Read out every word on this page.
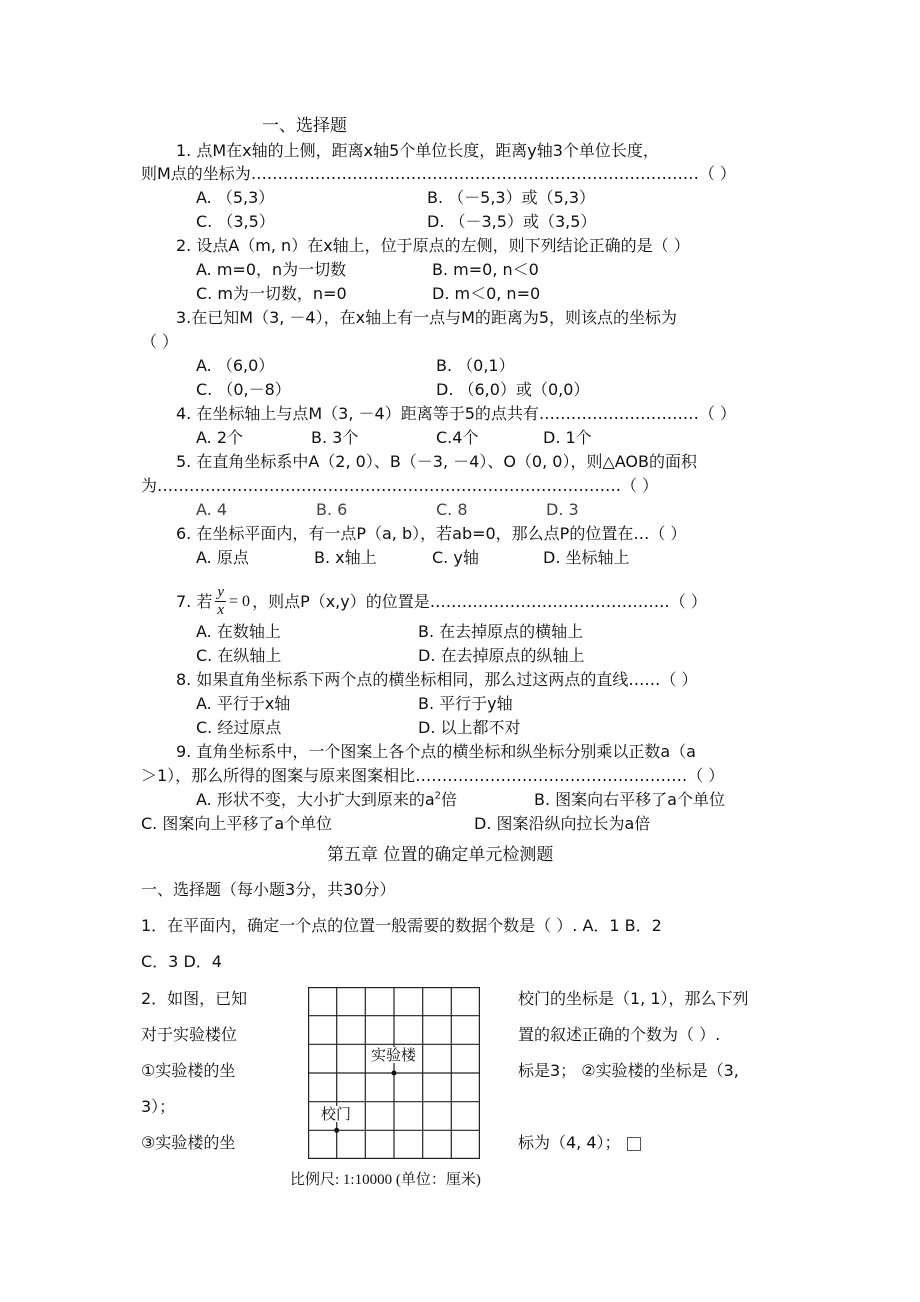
一、选择题
1. 点M在x轴的上侧，距离x轴5个单位长度，距离y轴3个单位长度，
则M点的坐标为…………………………………………………………………………（ ）
A. （5,3）	B. （－5,3）或（5,3）
C. （3,5）	D. （－3,5）或（3,5）
2. 设点A（m, n）在x轴上，位于原点的左侧，则下列结论正确的是（ ）
A. m=0，n为一切数	B. m=0, n＜0
C. m为一切数，n=0	D. m＜0, n=0
3.在已知M（3, －4），在x轴上有一点与M的距离为5，则该点的坐标为
（ ）
A. （6,0）	B. （0,1）
C. （0,－8）	D. （6,0）或（0,0）
4. 在坐标轴上与点M（3, －4）距离等于5的点共有…………………………（ ）
A. 2个	B. 3个	C.4个	D. 1个
5. 在直角坐标系中A（2, 0）、B（－3, －4）、O（0, 0），则△AOB的面积
为……………………………………………………………………………（ ）
A. 4	B. 6	C. 8	D. 3
6. 在坐标平面内，有一点P（a, b），若ab=0，那么点P的位置在…（ ）
A. 原点	B. x轴上	C. y轴	D. 坐标轴上
7. 若 $\frac{y}{x} = 0$ ，则点P（x,y）的位置是 ……………………………………… （ ）
A. 在数轴上	B. 在去掉原点的横轴上
C. 在纵轴上	D. 在去掉原点的纵轴上
8. 如果直角坐标系下两个点的横坐标相同，那么过这两点的直线……（ ）
A. 平行于x轴	B. 平行于y轴
C. 经过原点	D. 以上都不对
9. 直角坐标系中，一个图案上各个点的横坐标和纵坐标分别乘以正数a（a
＞1），那么所得的图案与原来图案相比……………………………………………（ ）
A. 形状不变，大小扩大到原来的$a^2$倍	B. 图案向右平移了a个单位
C. 图案向上平移了a个单位	D. 图案沿纵向拉长为a倍
第五章 位置的确定单元检测题
一、选择题（每小题3分，共30分）
1．在平面内，确定一个点的位置一般需要的数据个数是（ ）. A．1 B．2
C．3 D．4
2．如图，已知	校门的坐标是（1, 1），那么下列
对于实验楼位	置的叙述正确的个数为（ ）.
①实验楼的坐	标是3； ②实验楼的坐标是（3,
3）；
③实验楼的坐	标为（4, 4）；
实验楼
校门
比例尺: 1:10000 (单位：厘米)
